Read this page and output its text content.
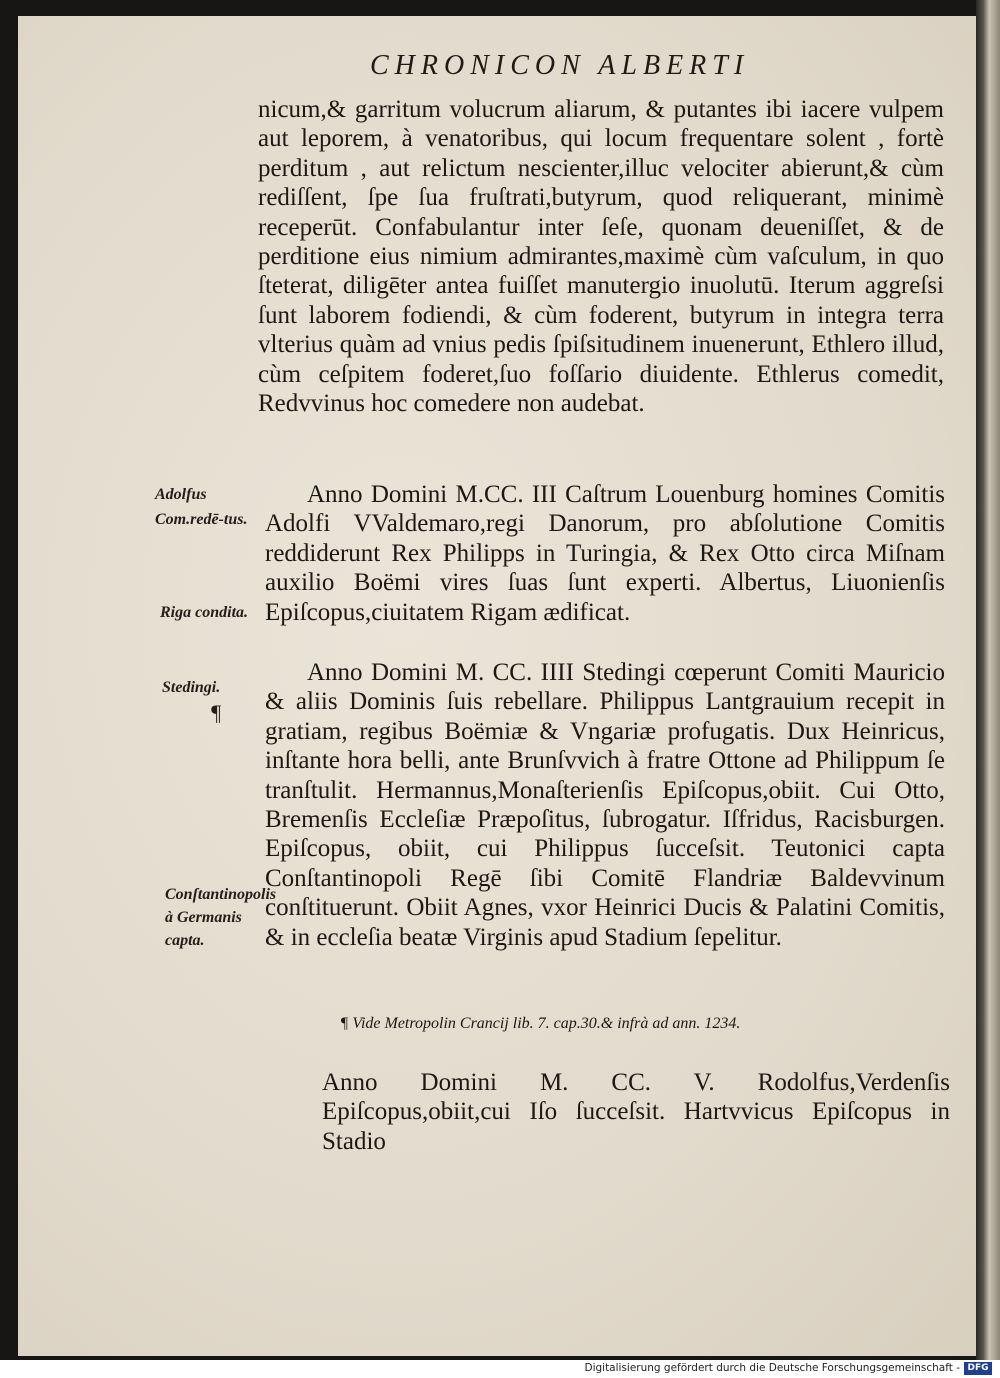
CHRONICON ALBERTI

nicum,& garritum volucrum aliarum, & putantes ibi iacere vulpem aut leporem, à venatoribus, qui locum frequentare solent , fortè perditum , aut relictum nescienter,illuc velociter abierunt,& cùm rediſſent, ſpe ſua fruſtrati,butyrum, quod reliquerant, minimè receperūt. Confabulantur inter ſeſe, quonam deueniſſet, & de perditione eius nimium admirantes,maximè cùm vaſculum, in quo ſteterat, diligēter antea fuiſſet manutergio inuolutū. Iterum aggreſsi ſunt laborem fodiendi, & cùm foderent, butyrum in integra terra vlterius quàm ad vnius pedis ſpiſsitudinem inuenerunt, Ethlero illud, cùm ceſpitem foderet,ſuo foſſario diuidente. Ethlerus comedit, Redvvinus hoc comedere non audebat.

Anno Domini M.CC. III Caſtrum Louenburg homines Comitis Adolfi VValdemaro,regi Danorum, pro abſolutione Comitis reddiderunt Rex Philipps in Turingia, & Rex Otto circa Miſnam auxilio Boëmi vires ſuas ſunt experti. Albertus, Liuonienſis Epiſcopus,ciuitatem Rigam ædificat.

Anno Domini M. CC. IIII Stedingi cœperunt Comiti Mauricio & aliis Dominis ſuis rebellare. Philippus Lantgrauium recepit in gratiam, regibus Boëmiæ & Vngariæ profugatis. Dux Heinricus, inſtante hora belli, ante Brunſvvich à fratre Ottone ad Philippum ſe tranſtulit. Hermannus,Monaſterienſis Epiſcopus,obiit. Cui Otto, Bremenſis Eccleſiæ Præpoſitus, ſubrogatur. Iſfridus, Racisburgen. Epiſcopus, obiit, cui Philippus ſucceſsit. Teutonici capta Conſtantinopoli Regē ſibi Comitē Flandriæ Baldevvinum conſtituerunt. Obiit Agnes, vxor Heinrici Ducis & Palatini Comitis, & in eccleſia beatæ Virginis apud Stadium ſepelitur.

¶ Vide Metropolin Crancij lib. 7. cap.30.& infrà ad ann. 1234.

Anno Domini M. CC. V. Rodolfus,Verdenſis Epiſcopus,obiit,cui Iſo ſucceſsit. Hartvvicus Epiſcopus in Stadio

Adolfus Com.redē-tus.

Riga condita.

Stedingi.

¶

Conſtantinopolis à Germanis capta.

Digitalisierung gefördert durch die Deutsche Forschungsgemeinschaft - DFG
